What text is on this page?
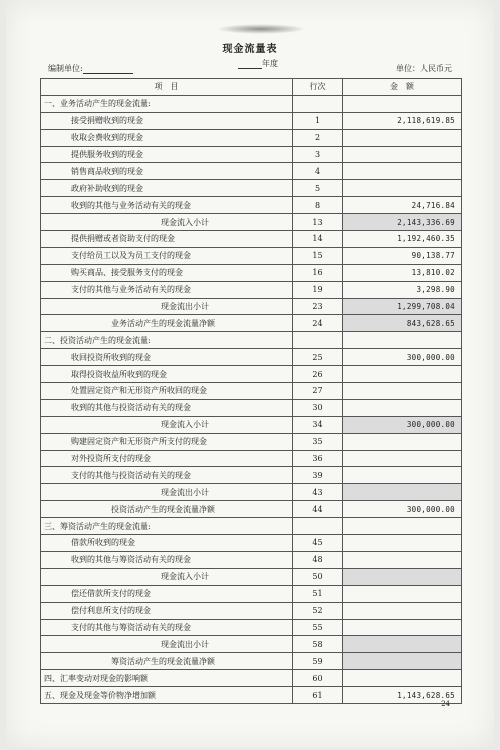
现金流量表
编制单位:
年度
单位：人民币元
项　目	行次	金　额
一、业务活动产生的现金流量:		
接受捐赠收到的现金	1	2,118,619.85
收取会费收到的现金	2	
提供服务收到的现金	3	
销售商品收到的现金	4	
政府补助收到的现金	5	
收到的其他与业务活动有关的现金	8	24,716.84
现金流入小计	13	2,143,336.69
提供捐赠或者资助支付的现金	14	1,192,460.35
支付给员工以及为员工支付的现金	15	90,138.77
购买商品、接受服务支付的现金	16	13,810.02
支付的其他与业务活动有关的现金	19	3,298.90
现金流出小计	23	1,299,708.04
业务活动产生的现金流量净额	24	843,628.65
二、投资活动产生的现金流量:		
收回投资所收到的现金	25	300,000.00
取得投资收益所收到的现金	26	
处置固定资产和无形资产所收回的现金	27	
收到的其他与投资活动有关的现金	30	
现金流入小计	34	300,000.00
购建固定资产和无形资产所支付的现金	35	
对外投资所支付的现金	36	
支付的其他与投资活动有关的现金	39	
现金流出小计	43	
投资活动产生的现金流量净额	44	300,000.00
三、筹资活动产生的现金流量:		
借款所收到的现金	45	
收到的其他与筹资活动有关的现金	48	
现金流入小计	50	
偿还借款所支付的现金	51	
偿付利息所支付的现金	52	
支付的其他与筹资活动有关的现金	55	
现金流出小计	58	
筹资活动产生的现金流量净额	59	
四、汇率变动对现金的影响额	60	
五、现金及现金等价物净增加额	61	1,143,628.65
24
